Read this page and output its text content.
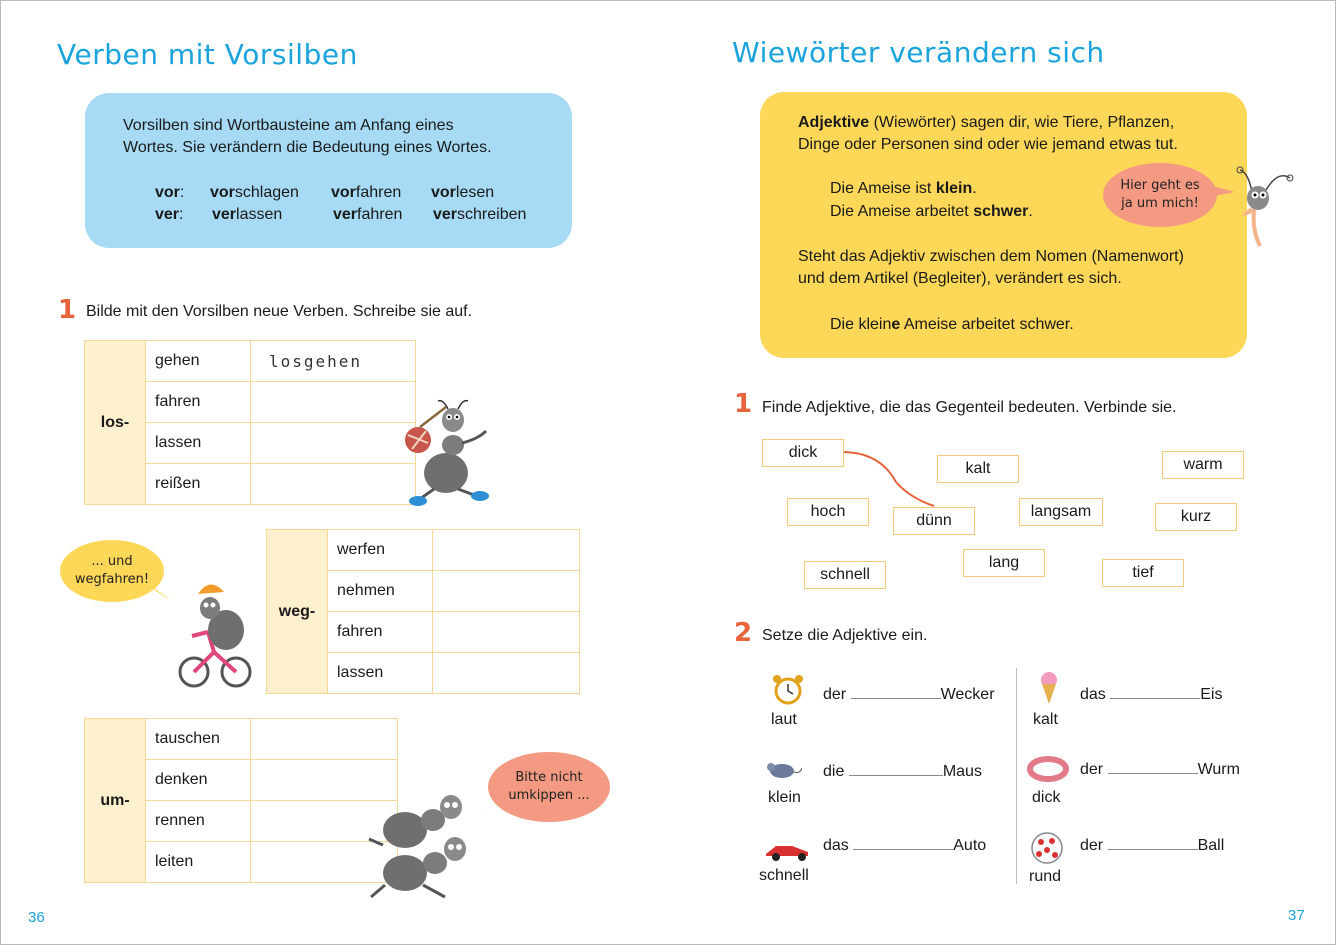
Verben mit Vorsilben
Vorsilben sind Wortbausteine am Anfang eines
Wortes. Sie verändern die Bedeutung eines Wortes.
vor: vorschlagen vorfahren vorlesen
ver: verlassen	verfahren verschreiben
1 Bilde mit den Vorsilben neue Verben. Schreibe sie auf.
los-	gehen	losgehen
	fahren	
	lassen	
	reißen	
... und
wegfahren!
weg-	werfen	
	nehmen	
	fahren	
	lassen	
um-	tauschen	
	denken	
	rennen	
	leiten	
Bitte nicht
umkippen ...
36
Wiewörter verändern sich
Adjektive (Wiewörter) sagen dir, wie Tiere, Pflanzen,
Dinge oder Personen sind oder wie jemand etwas tut.
Die Ameise ist klein.
Die Ameise arbeitet schwer.
Steht das Adjektiv zwischen dem Nomen (Namenwort)
und dem Artikel (Begleiter), verändert es sich.
Die kleine Ameise arbeitet schwer.
Hier geht es
ja um mich!
1 Finde Adjektive, die das Gegenteil bedeuten. Verbinde sie.
dick
kalt	warm
hoch
dünn
langsam	kurz
schnell
lang
tief
2 Setze die Adjektive ein.
laut
der	Wecker
klein
die	Maus
schnell
das	Auto
kalt
das	Eis
dick
der	Wurm
rund
der	Ball
37
